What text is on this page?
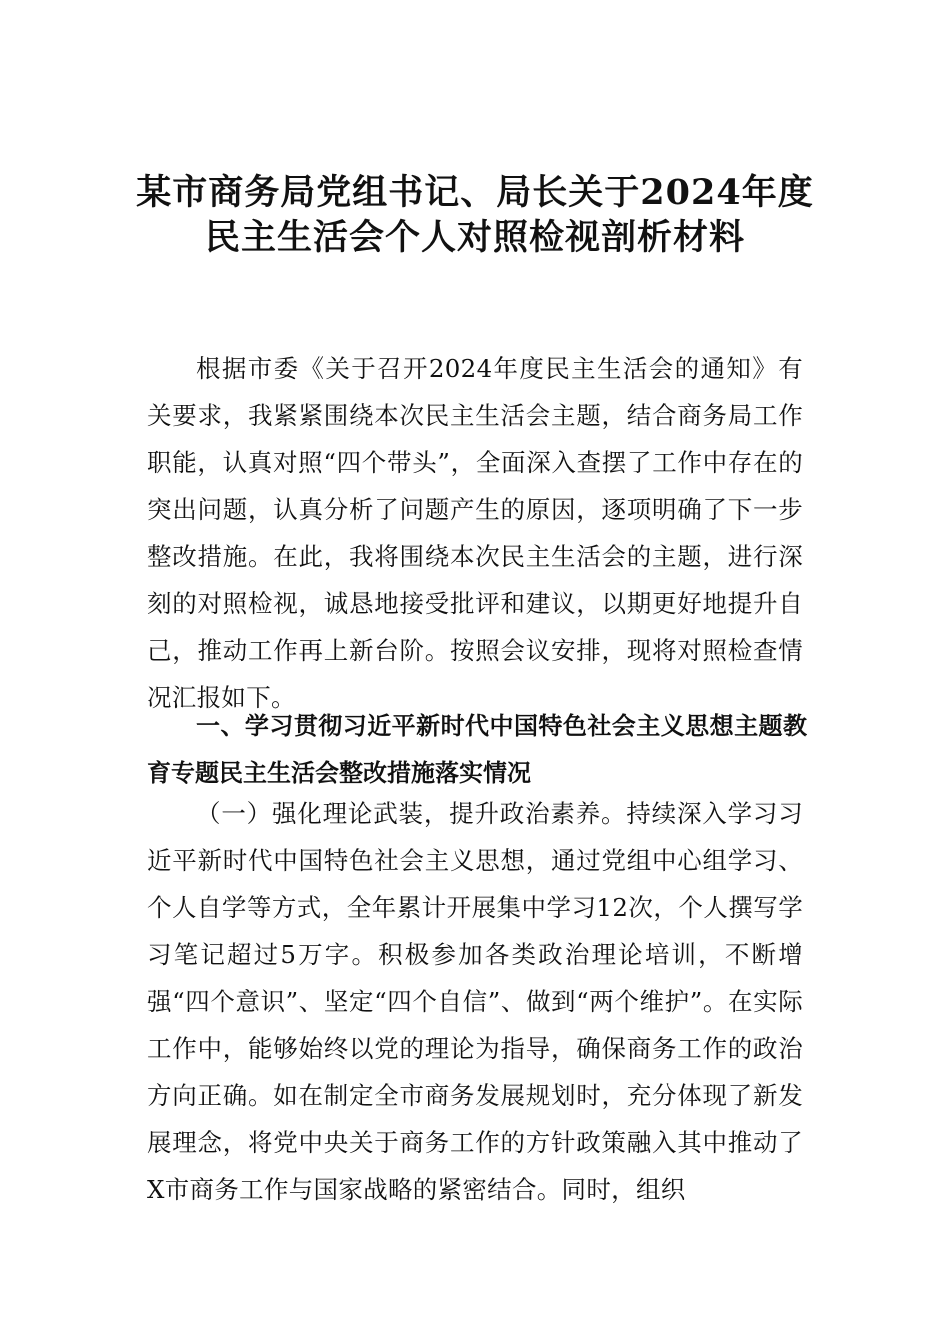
某市商务局党组书记、局长关于2024年度
民主生活会个人对照检视剖析材料

根据市委《关于召开2024年度民主生活会的通知》有关要求，我紧紧围绕本次民主生活会主题，结合商务局工作职能，认真对照“四个带头”，全面深入查摆了工作中存在的突出问题，认真分析了问题产生的原因，逐项明确了下一步整改措施。在此，我将围绕本次民主生活会的主题，进行深刻的对照检视，诚恳地接受批评和建议，以期更好地提升自己，推动工作再上新台阶。按照会议安排，现将对照检查情况汇报如下。

一、学习贯彻习近平新时代中国特色社会主义思想主题教育专题民主生活会整改措施落实情况

（一）强化理论武装，提升政治素养。持续深入学习习近平新时代中国特色社会主义思想，通过党组中心组学习、个人自学等方式，全年累计开展集中学习12次，个人撰写学习笔记超过5万字。积极参加各类政治理论培训，不断增强“四个意识”、坚定“四个自信”、做到“两个维护”。在实际工作中，能够始终以党的理论为指导，确保商务工作的政治方向正确。如在制定全市商务发展规划时，充分体现了新发展理念，将党中央关于商务工作的方针政策融入其中推动了X市商务工作与国家战略的紧密结合。同时，组织
